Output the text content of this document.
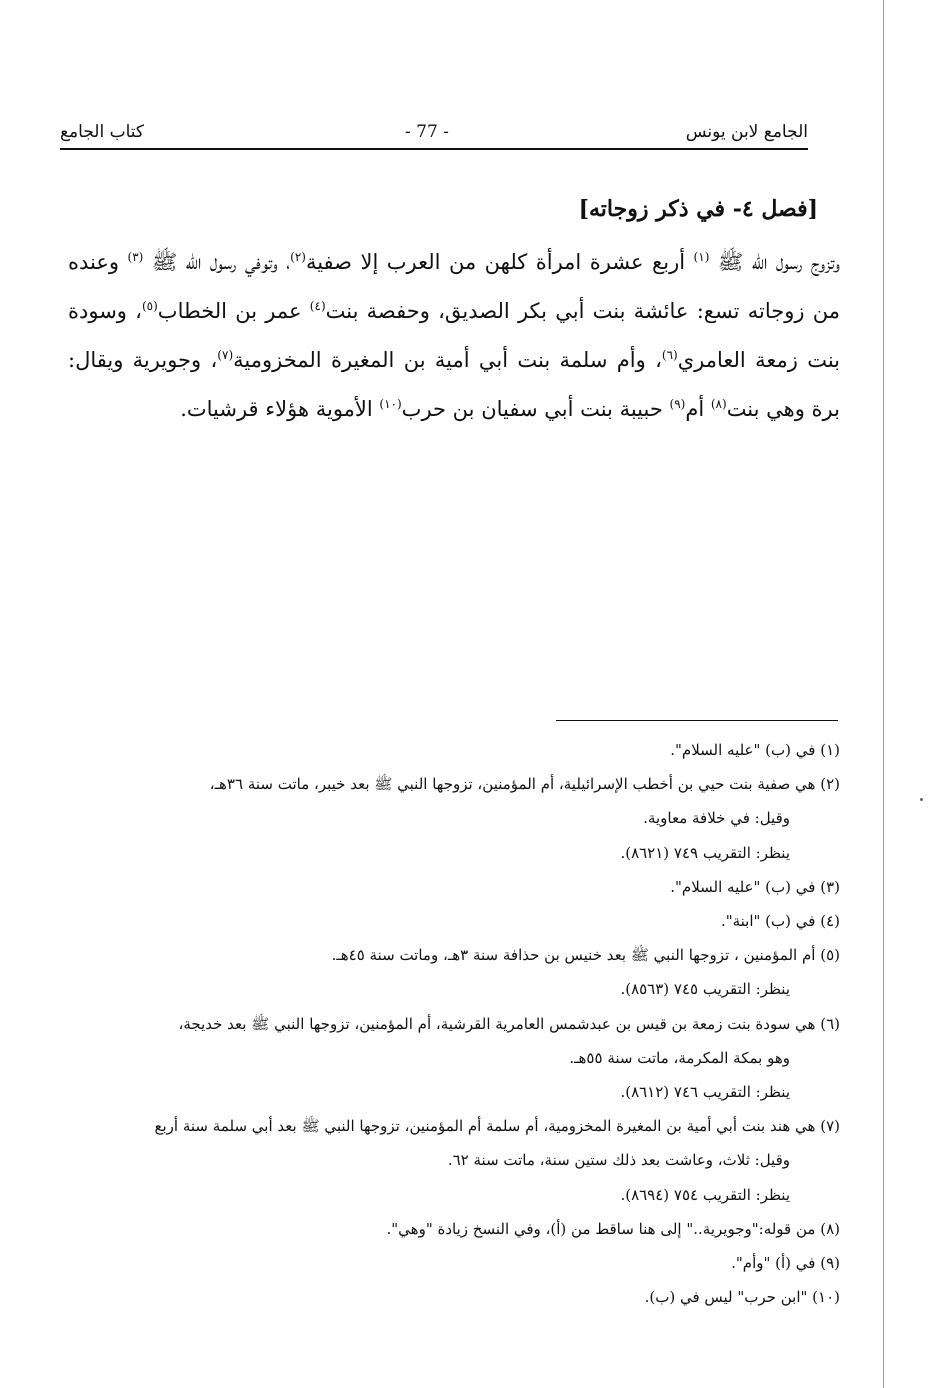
الجامع لابن يونس
- 77 -
كتاب الجامع
[فصل ٤- في ذكر زوجاته]
وتزوج رسول الله ﷺ $^{(١)}$ أربع عشرة امرأة كلهن من العرب إلا صفية$^{(٢)}$، وتوفي رسول الله ﷺ $^{(٣)}$ وعنده من زوجاته تسع: عائشة بنت أبي بكر الصديق، وحفصة بنت$^{(٤)}$ عمر بن الخطاب$^{(٥)}$، وسودة بنت زمعة العامري$^{(٦)}$، وأم سلمة بنت أبي أمية بن المغيرة المخزومية$^{(٧)}$، وجويرية ويقال: برة وهي بنت$^{(٨)}$ أم$^{(٩)}$ حبيبة بنت أبي سفيان بن حرب$^{(١٠)}$ الأموية هؤلاء قرشيات.
(١) في (ب) "عليه السلام".
(٢) هي صفية بنت حيي بن أخطب الإسرائيلية، أم المؤمنين، تزوجها النبي ﷺ بعد خيبر، ماتت سنة ٣٦هـ،
وقيل: في خلافة معاوية.
ينظر: التقريب ٧٤٩ (٨٦٢١).
(٣) في (ب) "عليه السلام".
(٤) في (ب) "ابنة".
(٥) أم المؤمنين ، تزوجها النبي ﷺ بعد خنيس بن حذافة سنة ٣هـ، وماتت سنة ٤٥هـ.
ينظر: التقريب ٧٤٥ (٨٥٦٣).
(٦) هي سودة بنت زمعة بن قيس بن عبدشمس العامرية القرشية، أم المؤمنين، تزوجها النبي ﷺ بعد خديجة،
وهو بمكة المكرمة، ماتت سنة ٥٥هـ.
ينظر: التقريب ٧٤٦ (٨٦١٢).
(٧) هي هند بنت أبي أمية بن المغيرة المخزومية، أم سلمة أم المؤمنين، تزوجها النبي ﷺ بعد أبي سلمة سنة أربع
وقيل: ثلاث، وعاشت بعد ذلك ستين سنة، ماتت سنة ٦٢.
ينظر: التقريب ٧٥٤ (٨٦٩٤).
(٨) من قوله:"وجويرية.." إلى هنا ساقط من (أ)، وفي النسخ زيادة "وهي".
(٩) في (أ) "وأم".
(١٠) "ابن حرب" ليس في (ب).
